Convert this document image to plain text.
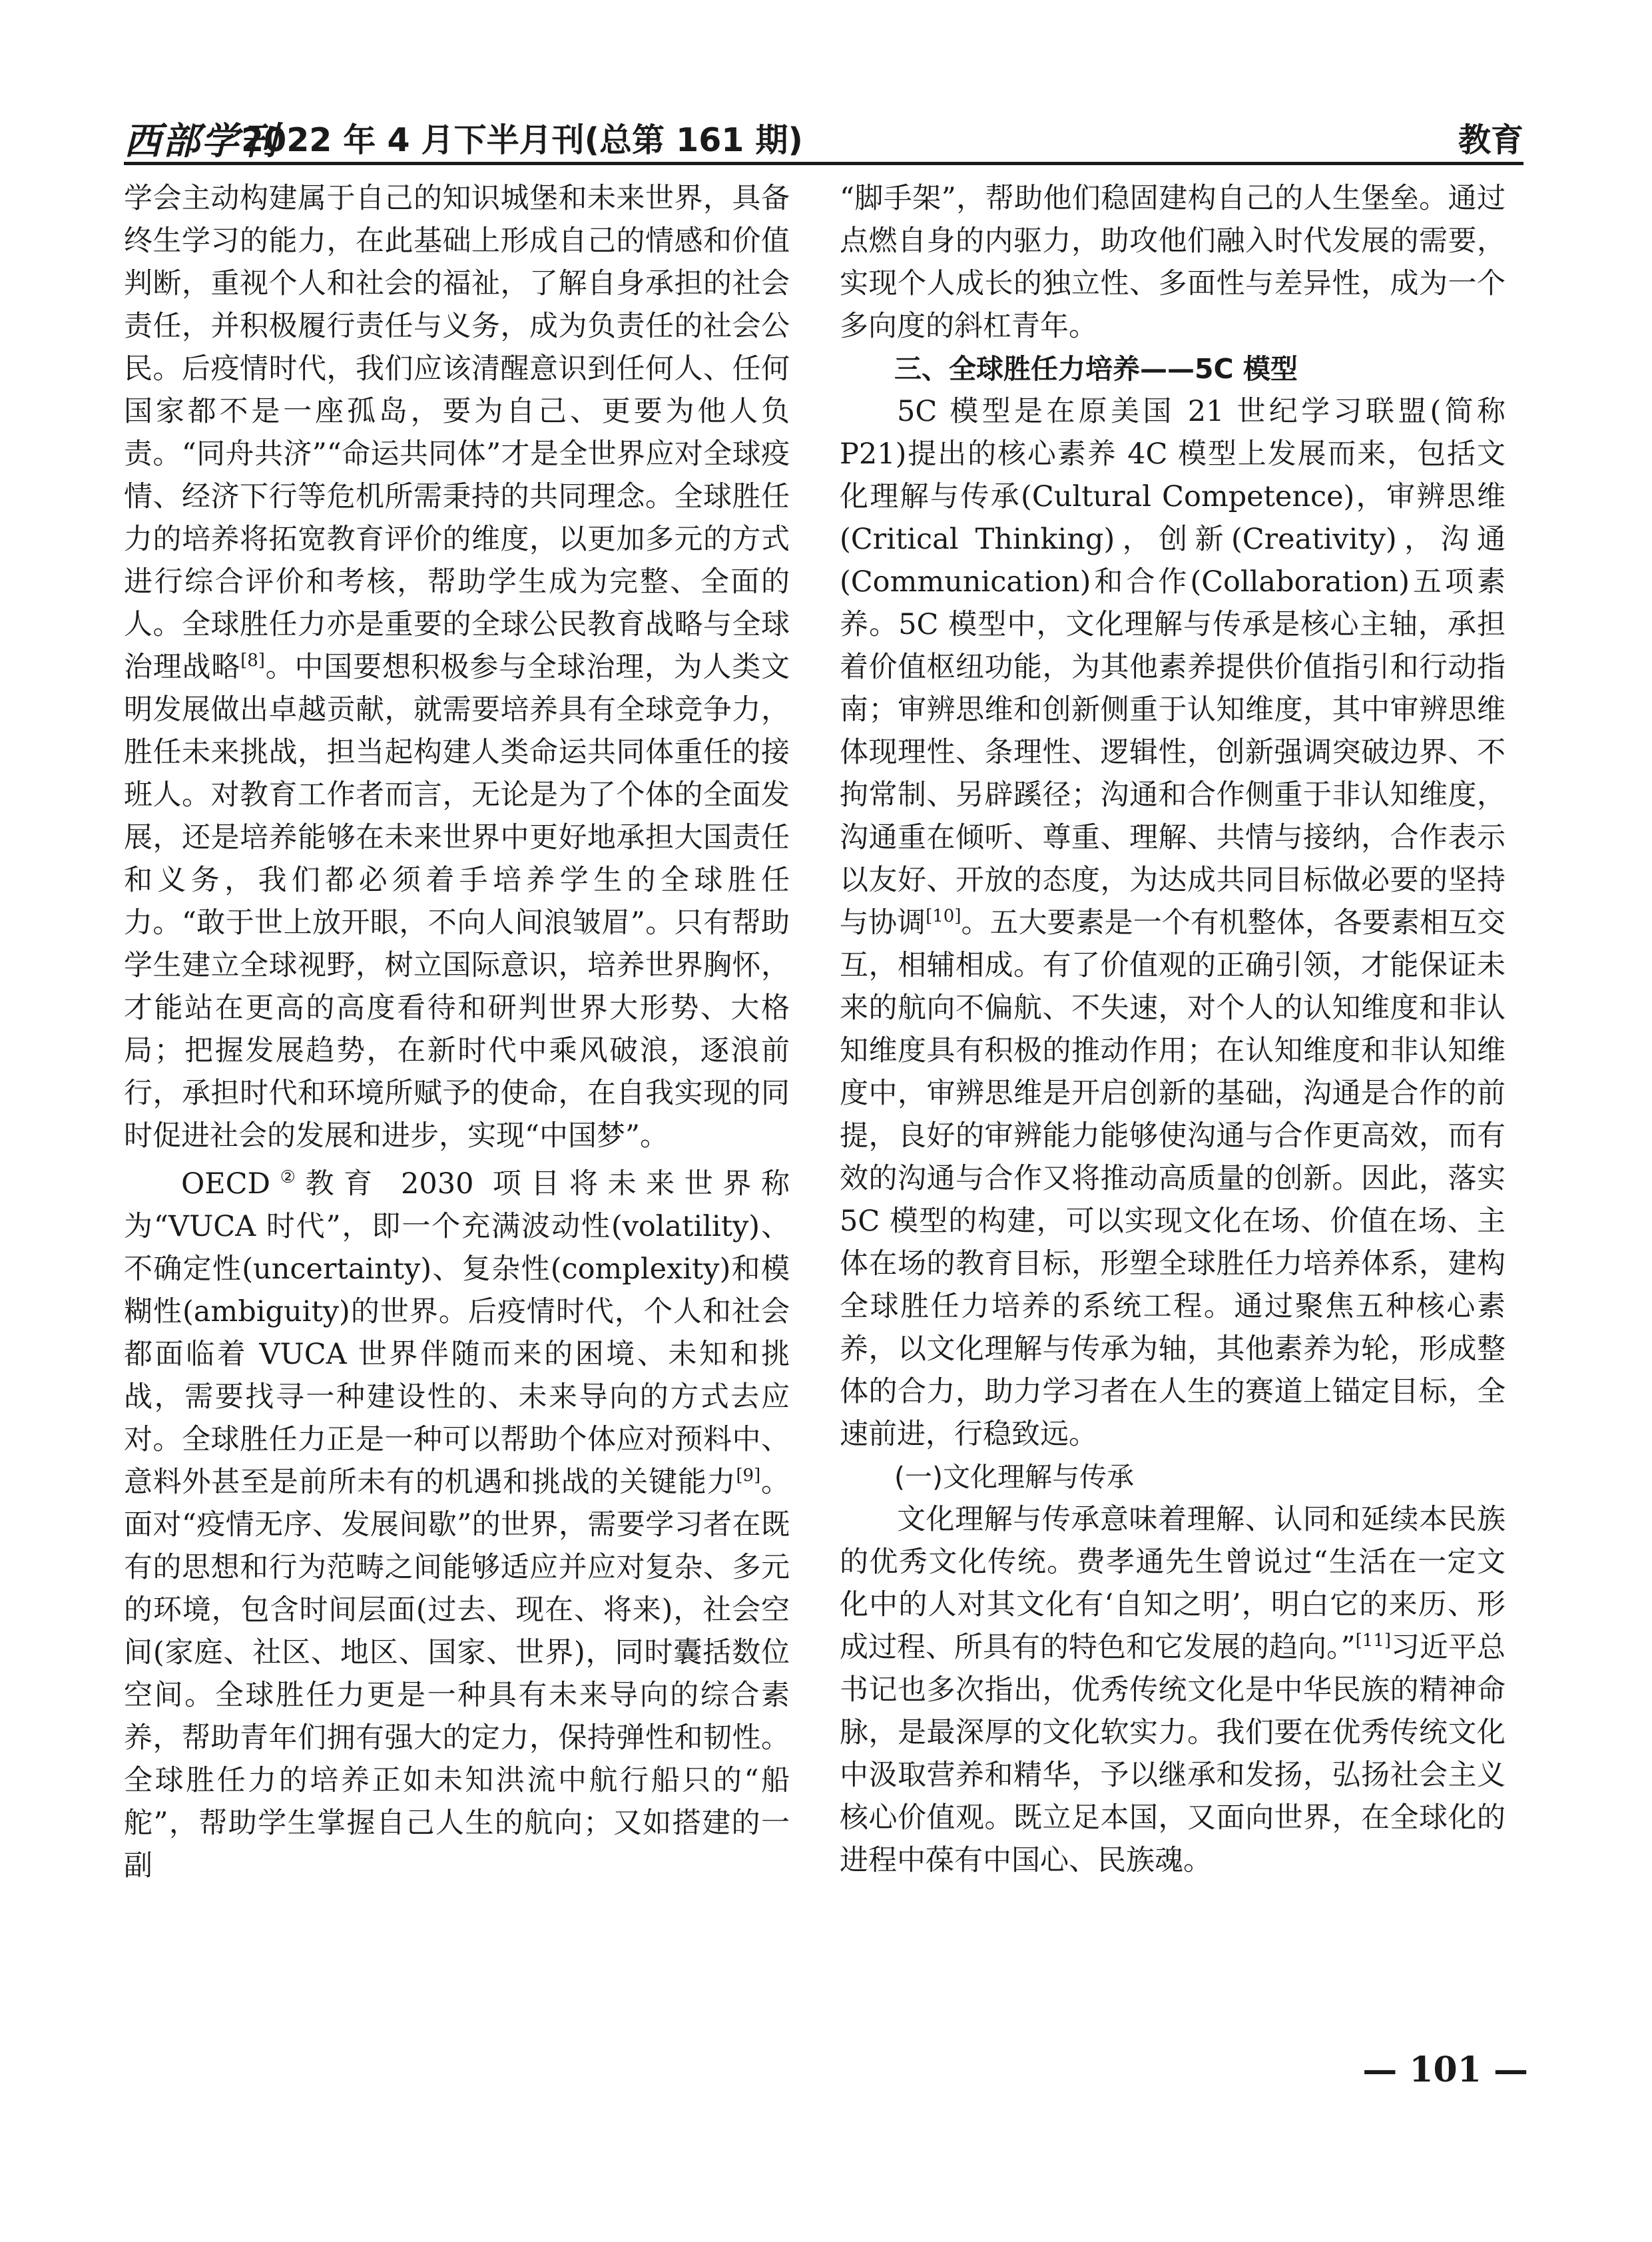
西部学刊
2022 年 4 月下半月刊(总第 161 期)	教育

学会主动构建属于自己的知识城堡和未来世界，具备终生学习的能力，在此基础上形成自己的情感和价值判断，重视个人和社会的福祉，了解自身承担的社会责任，并积极履行责任与义务，成为负责任的社会公民。后疫情时代，我们应该清醒意识到任何人、任何国家都不是一座孤岛，要为自己、更要为他人负责。“同舟共济”“命运共同体”才是全世界应对全球疫情、经济下行等危机所需秉持的共同理念。全球胜任力的培养将拓宽教育评价的维度，以更加多元的方式进行综合评价和考核，帮助学生成为完整、全面的人。全球胜任力亦是重要的全球公民教育战略与全球治理战略[8]。中国要想积极参与全球治理，为人类文明发展做出卓越贡献，就需要培养具有全球竞争力，胜任未来挑战，担当起构建人类命运共同体重任的接班人。对教育工作者而言，无论是为了个体的全面发展，还是培养能够在未来世界中更好地承担大国责任和义务，我们都必须着手培养学生的全球胜任力。“敢于世上放开眼，不向人间浪皱眉”。只有帮助学生建立全球视野，树立国际意识，培养世界胸怀，才能站在更高的高度看待和研判世界大形势、大格局；把握发展趋势，在新时代中乘风破浪，逐浪前行，承担时代和环境所赋予的使命，在自我实现的同时促进社会的发展和进步，实现“中国梦”。

OECD②教育 2030 项目将未来世界称为“VUCA 时代”，即一个充满波动性(volatility)、不确定性(uncertainty)、复杂性(complexity)和模糊性(ambiguity)的世界。后疫情时代，个人和社会都面临着 VUCA 世界伴随而来的困境、未知和挑战，需要找寻一种建设性的、未来导向的方式去应对。全球胜任力正是一种可以帮助个体应对预料中、意料外甚至是前所未有的机遇和挑战的关键能力[9]。面对“疫情无序、发展间歇”的世界，需要学习者在既有的思想和行为范畴之间能够适应并应对复杂、多元的环境，包含时间层面(过去、现在、将来)，社会空间(家庭、社区、地区、国家、世界)，同时囊括数位空间。全球胜任力更是一种具有未来导向的综合素养，帮助青年们拥有强大的定力，保持弹性和韧性。全球胜任力的培养正如未知洪流中航行船只的“船舵”，帮助学生掌握自己人生的航向；又如搭建的一副

“脚手架”，帮助他们稳固建构自己的人生堡垒。通过点燃自身的内驱力，助攻他们融入时代发展的需要，实现个人成长的独立性、多面性与差异性，成为一个多向度的斜杠青年。

三、全球胜任力培养——5C 模型

5C 模型是在原美国 21 世纪学习联盟(简称 P21)提出的核心素养 4C 模型上发展而来，包括文化理解与传承(Cultural Competence)，审辨思维(Critical Thinking)，创新(Creativity)，沟通(Communication)和合作(Collaboration)五项素养。5C 模型中，文化理解与传承是核心主轴，承担着价值枢纽功能，为其他素养提供价值指引和行动指南；审辨思维和创新侧重于认知维度，其中审辨思维体现理性、条理性、逻辑性，创新强调突破边界、不拘常制、另辟蹊径；沟通和合作侧重于非认知维度，沟通重在倾听、尊重、理解、共情与接纳，合作表示以友好、开放的态度，为达成共同目标做必要的坚持与协调[10]。五大要素是一个有机整体，各要素相互交互，相辅相成。有了价值观的正确引领，才能保证未来的航向不偏航、不失速，对个人的认知维度和非认知维度具有积极的推动作用；在认知维度和非认知维度中，审辨思维是开启创新的基础，沟通是合作的前提，良好的审辨能力能够使沟通与合作更高效，而有效的沟通与合作又将推动高质量的创新。因此，落实 5C 模型的构建，可以实现文化在场、价值在场、主体在场的教育目标，形塑全球胜任力培养体系，建构全球胜任力培养的系统工程。通过聚焦五种核心素养，以文化理解与传承为轴，其他素养为轮，形成整体的合力，助力学习者在人生的赛道上锚定目标，全速前进，行稳致远。

(一)文化理解与传承

文化理解与传承意味着理解、认同和延续本民族的优秀文化传统。费孝通先生曾说过“生活在一定文化中的人对其文化有‘自知之明’，明白它的来历、形成过程、所具有的特色和它发展的趋向。”[11]习近平总书记也多次指出，优秀传统文化是中华民族的精神命脉，是最深厚的文化软实力。我们要在优秀传统文化中汲取营养和精华，予以继承和发扬，弘扬社会主义核心价值观。既立足本国，又面向世界，在全球化的进程中葆有中国心、民族魂。

— 101 —
